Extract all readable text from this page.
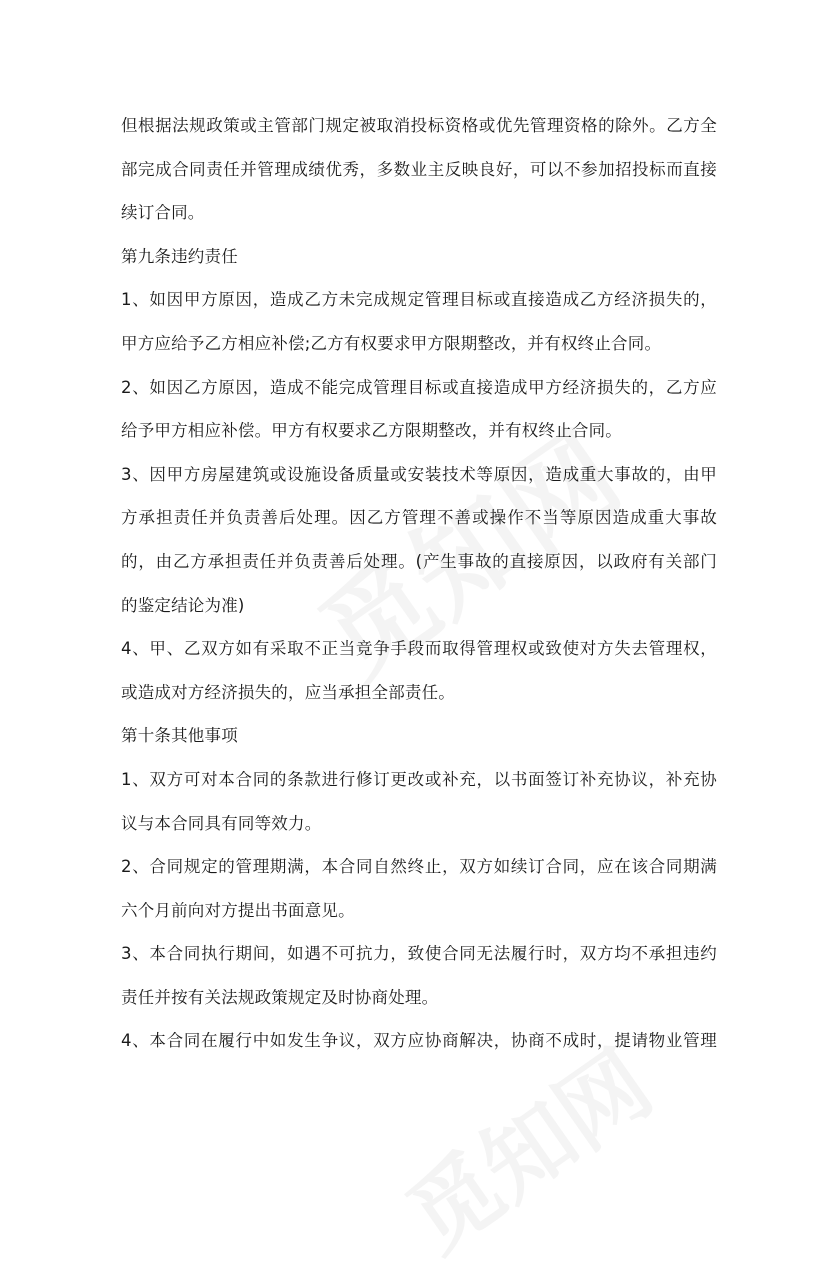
但根据法规政策或主管部门规定被取消投标资格或优先管理资格的除外。乙方全
部完成合同责任并管理成绩优秀，多数业主反映良好，可以不参加招投标而直接
续订合同。
第九条违约责任
1、如因甲方原因，造成乙方未完成规定管理目标或直接造成乙方经济损失的，
甲方应给予乙方相应补偿;乙方有权要求甲方限期整改，并有权终止合同。
2、如因乙方原因，造成不能完成管理目标或直接造成甲方经济损失的，乙方应
给予甲方相应补偿。甲方有权要求乙方限期整改，并有权终止合同。
3、因甲方房屋建筑或设施设备质量或安装技术等原因，造成重大事故的，由甲
方承担责任并负责善后处理。因乙方管理不善或操作不当等原因造成重大事故
的，由乙方承担责任并负责善后处理。(产生事故的直接原因，以政府有关部门
的鉴定结论为准)
4、甲、乙双方如有采取不正当竞争手段而取得管理权或致使对方失去管理权，
或造成对方经济损失的，应当承担全部责任。
第十条其他事项
1、双方可对本合同的条款进行修订更改或补充，以书面签订补充协议，补充协
议与本合同具有同等效力。
2、合同规定的管理期满，本合同自然终止，双方如续订合同，应在该合同期满
六个月前向对方提出书面意见。
3、本合同执行期间，如遇不可抗力，致使合同无法履行时，双方均不承担违约
责任并按有关法规政策规定及时协商处理。
4、本合同在履行中如发生争议，双方应协商解决，协商不成时，提请物业管理
